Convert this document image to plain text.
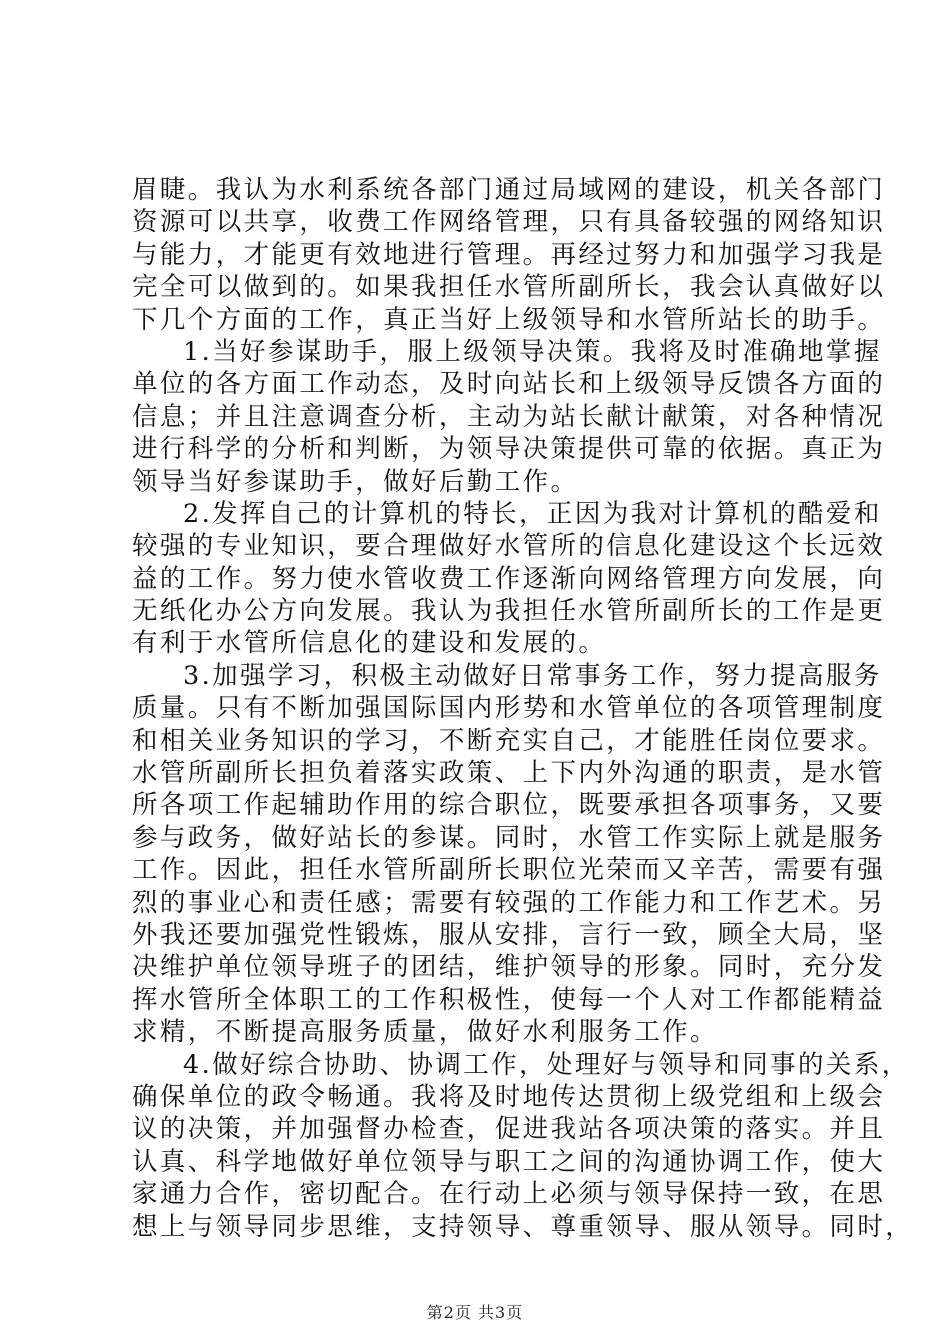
眉睫。我认为水利系统各部门通过局域网的建设，机关各部门
资源可以共享，收费工作网络管理，只有具备较强的网络知识
与能力，才能更有效地进行管理。再经过努力和加强学习我是
完全可以做到的。如果我担任水管所副所长，我会认真做好以
下几个方面的工作，真正当好上级领导和水管所站长的助手。
1.当好参谋助手，服上级领导决策。我将及时准确地掌握
单位的各方面工作动态，及时向站长和上级领导反馈各方面的
信息；并且注意调查分析，主动为站长献计献策，对各种情况
进行科学的分析和判断，为领导决策提供可靠的依据。真正为
领导当好参谋助手，做好后勤工作。
2.发挥自己的计算机的特长，正因为我对计算机的酷爱和
较强的专业知识，要合理做好水管所的信息化建设这个长远效
益的工作。努力使水管收费工作逐渐向网络管理方向发展，向
无纸化办公方向发展。我认为我担任水管所副所长的工作是更
有利于水管所信息化的建设和发展的。
3.加强学习，积极主动做好日常事务工作，努力提高服务
质量。只有不断加强国际国内形势和水管单位的各项管理制度
和相关业务知识的学习，不断充实自己，才能胜任岗位要求。
水管所副所长担负着落实政策、上下内外沟通的职责，是水管
所各项工作起辅助作用的综合职位，既要承担各项事务，又要
参与政务，做好站长的参谋。同时，水管工作实际上就是服务
工作。因此，担任水管所副所长职位光荣而又辛苦，需要有强
烈的事业心和责任感；需要有较强的工作能力和工作艺术。另
外我还要加强党性锻炼，服从安排，言行一致，顾全大局，坚
决维护单位领导班子的团结，维护领导的形象。同时，充分发
挥水管所全体职工的工作积极性，使每一个人对工作都能精益
求精，不断提高服务质量，做好水利服务工作。
4.做好综合协助、协调工作，处理好与领导和同事的关系，
确保单位的政令畅通。我将及时地传达贯彻上级党组和上级会
议的决策，并加强督办检查，促进我站各项决策的落实。并且
认真、科学地做好单位领导与职工之间的沟通协调工作，使大
家通力合作，密切配合。在行动上必须与领导保持一致，在思
想上与领导同步思维，支持领导、尊重领导、服从领导。同时，
第2页 共3页
